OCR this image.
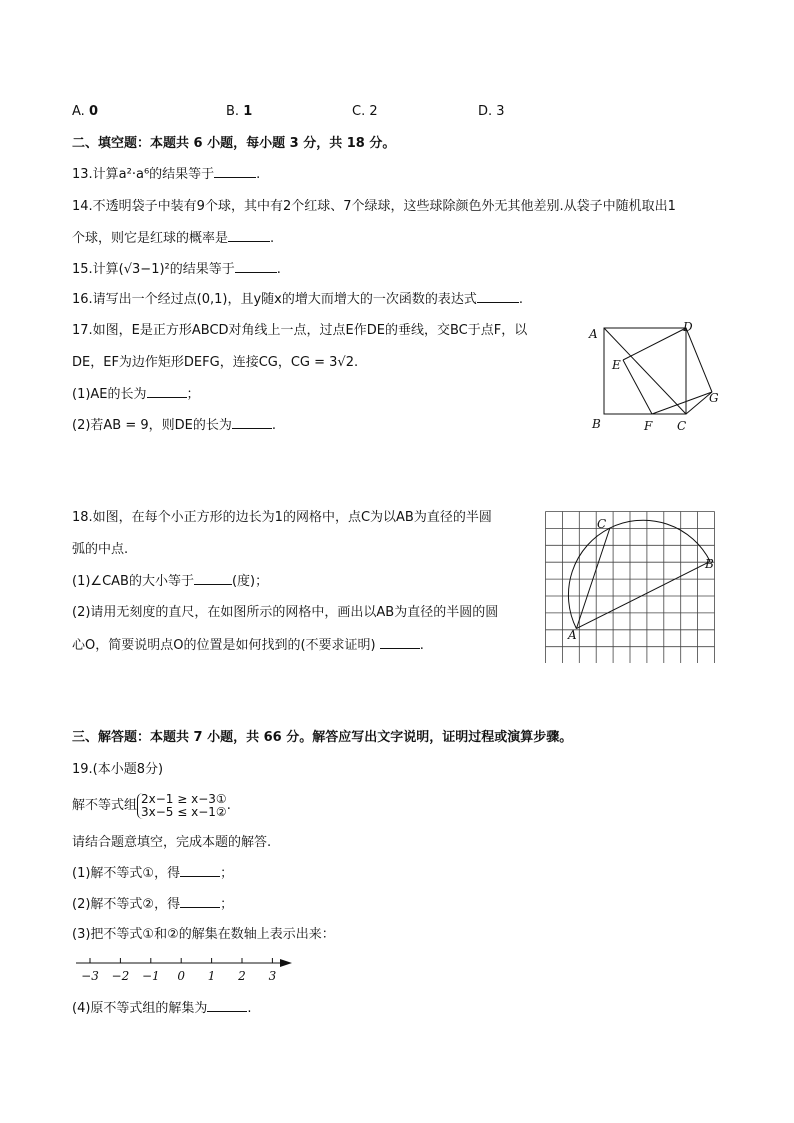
A. 0	B. 1	C. 2	D. 3
二、填空题：本题共 6 小题，每小题 3 分，共 18 分。
13.计算a²·a⁶的结果等于	.
14.不透明袋子中装有9个球，其中有2个红球、7个绿球，这些球除颜色外无其他差别.从袋子中随机取出1
个球，则它是红球的概率是	.
15.计算(√3−1)²的结果等于	.
16.请写出一个经过点(0,1)，且y随x的增大而增大的一次函数的表达式	.
17.如图，E是正方形ABCD对角线上一点，过点E作DE的垂线，交BC于点F，以
DE，EF为边作矩形DEFG，连接CG，CG = 3√2.
(1)AE的长为	；
(2)若AB = 9，则DE的长为	.
A	D
E
G
B	F C
18.如图，在每个小正方形的边长为1的网格中，点C为以AB为直径的半圆
弧的中点.
(1)∠CAB的大小等于	(度)；
(2)请用无刻度的直尺，在如图所示的网格中，画出以AB为直径的半圆的圆
心O，简要说明点O的位置是如何找到的(不要求证明)	.
C
B
A
三、解答题：本题共 7 小题，共 66 分。解答应写出文字说明，证明过程或演算步骤。
19.(本小题8分)
解不等式组 2x−1 ≥ x−3①
3x−5 ≤ x−1② .
请结合题意填空，完成本题的解答.
(1)解不等式①，得	；
(2)解不等式②，得	；
(3)把不等式①和②的解集在数轴上表示出来：
−3 −2 −1 0 1 2 3
(4)原不等式组的解集为	.
